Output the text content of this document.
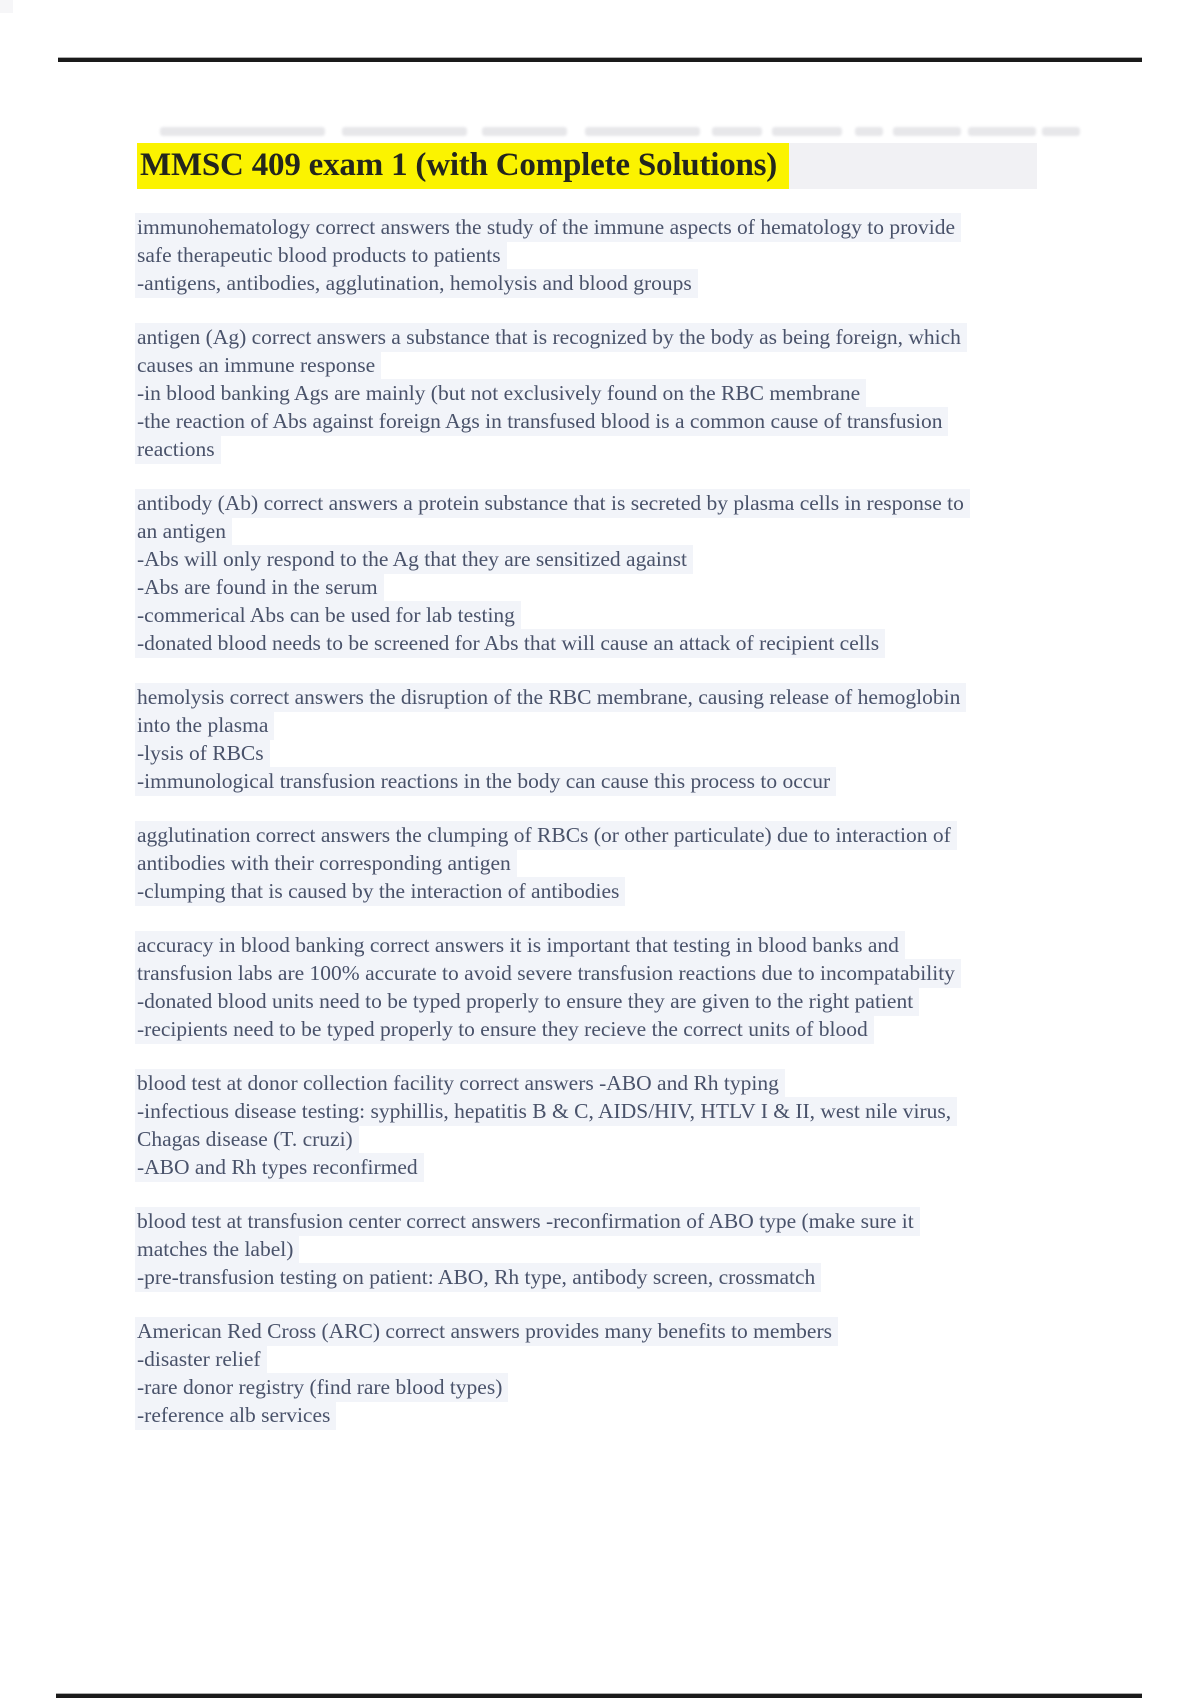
MMSC 409 exam 1 (with Complete Solutions)

immunohematology correct answers the study of the immune aspects of hematology to provide
safe therapeutic blood products to patients
-antigens, antibodies, agglutination, hemolysis and blood groups

antigen (Ag) correct answers a substance that is recognized by the body as being foreign, which
causes an immune response
-in blood banking Ags are mainly (but not exclusively found on the RBC membrane
-the reaction of Abs against foreign Ags in transfused blood is a common cause of transfusion
reactions

antibody (Ab) correct answers a protein substance that is secreted by plasma cells in response to
an antigen
-Abs will only respond to the Ag that they are sensitized against
-Abs are found in the serum
-commerical Abs can be used for lab testing
-donated blood needs to be screened for Abs that will cause an attack of recipient cells

hemolysis correct answers the disruption of the RBC membrane, causing release of hemoglobin
into the plasma
-lysis of RBCs
-immunological transfusion reactions in the body can cause this process to occur

agglutination correct answers the clumping of RBCs (or other particulate) due to interaction of
antibodies with their corresponding antigen
-clumping that is caused by the interaction of antibodies

accuracy in blood banking correct answers it is important that testing in blood banks and
transfusion labs are 100% accurate to avoid severe transfusion reactions due to incompatability
-donated blood units need to be typed properly to ensure they are given to the right patient
-recipients need to be typed properly to ensure they recieve the correct units of blood

blood test at donor collection facility correct answers -ABO and Rh typing
-infectious disease testing: syphillis, hepatitis B & C, AIDS/HIV, HTLV I & II, west nile virus,
Chagas disease (T. cruzi)
-ABO and Rh types reconfirmed

blood test at transfusion center correct answers -reconfirmation of ABO type (make sure it
matches the label)
-pre-transfusion testing on patient: ABO, Rh type, antibody screen, crossmatch

American Red Cross (ARC) correct answers provides many benefits to members
-disaster relief
-rare donor registry (find rare blood types)
-reference alb services
